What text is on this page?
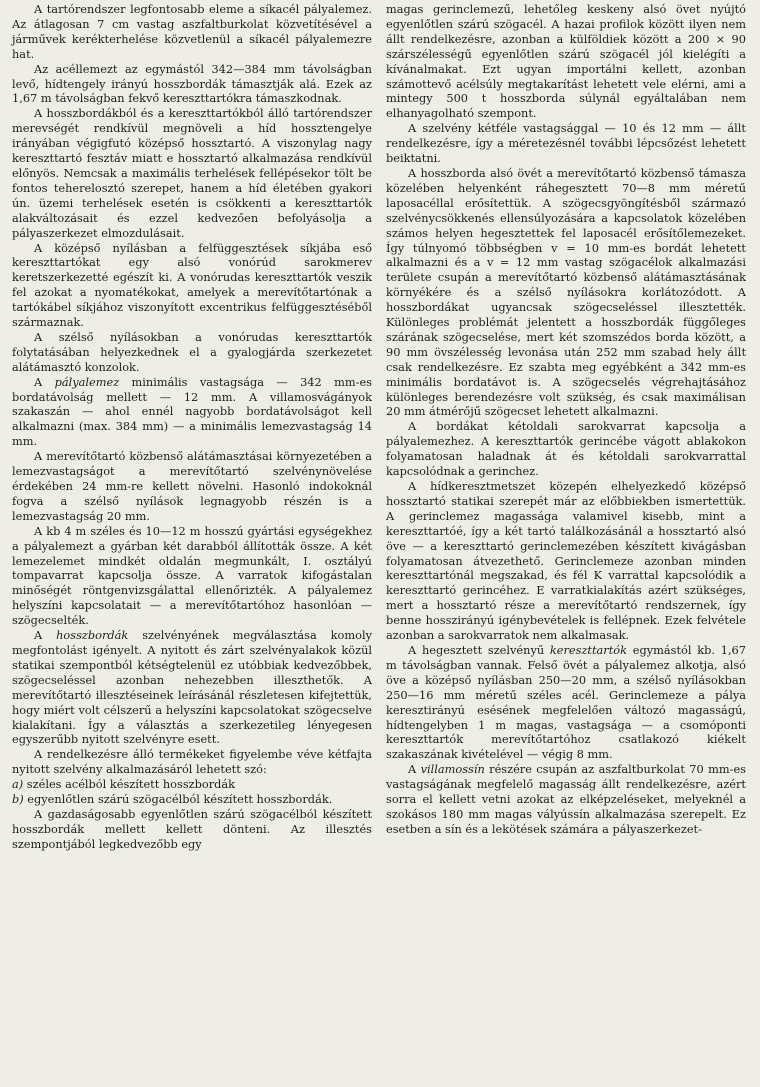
A tartórendszer legfontosabb eleme a síkacél pályalemez. Az átlagosan 7 cm vastag aszfaltburkolat közvetítésével a járművek kerékterhelése közvetlenül a síkacél pályalemezre hat.

Az acéllemezt az egymástól 342—384 mm távolságban levő, hídtengely irányú hosszbordák támasztják alá. Ezek az 1,67 m távolságban fekvő kereszttartókra támaszkodnak.

A hosszbordákból és a kereszttartókból álló tartórendszer merevségét rendkívül megnöveli a híd hossztengelye irányában végigfutó középső hossztartó. A viszonylag nagy kereszttartó fesztáv miatt e hossztartó alkalmazása rendkívül előnyös. Nemcsak a maximális terhelések fellépésekor tölt be fontos teherelosztó szerepet, hanem a híd életében gyakori ún. üzemi terhelések esetén is csökkenti a kereszttartók alakváltozásait és ezzel kedvezően befolyásolja a pályaszerkezet elmozdulásait.

A középső nyílásban a felfüggesztések síkjába eső kereszttartókat egy alsó vonórúd sarokmerev keretszerkezetté egészít ki. A vonórudas kereszttartók veszik fel azokat a nyomatékokat, amelyek a merevítőtartónak a tartókábel síkjához viszonyított excentrikus felfüggesztéséből származnak.

A szélső nyílásokban a vonórudas kereszttartók folytatásában helyezkednek el a gyalogjárda szerkezetet alátámasztó konzolok.

A pályalemez minimális vastagsága — 342 mm-es bordatávolság mellett — 12 mm. A villamosvágányok szakaszán — ahol ennél nagyobb bordatávolságot kell alkalmazni (max. 384 mm) — a minimális lemezvastagság 14 mm.

A merevítőtartó közbenső alátámasztásai környezetében a lemezvastagságot a merevítőtartó szelvénynövelése érdekében 24 mm-re kellett növelni. Hasonló indokoknál fogva a szélső nyílások legnagyobb részén is a lemezvastagság 20 mm.

A kb 4 m széles és 10—12 m hosszú gyártási egységekhez a pályalemezt a gyárban két darabból állították össze. A két lemezelemet mindkét oldalán megmunkált, I. osztályú tompavarrat kapcsolja össze. A varratok kifogástalan minőségét röntgenvizsgálattal ellenőrizték. A pályalemez helyszíni kapcsolatait — a merevítőtartóhoz hasonlóan — szögecselték.

A hosszbordák szelvényének megválasztása komoly megfontolást igényelt. A nyitott és zárt szelvényalakok közül statikai szempontból kétségtelenül ez utóbbiak kedvezőbbek, szögecseléssel azonban nehezebben illeszthetők. A merevítőtartó illesztéseinek leírásánál részletesen kifejtettük, hogy miért volt célszerű a helyszíni kapcsolatokat szögecselve kialakítani. Így a választás a szerkezetileg lényegesen egyszerűbb nyitott szelvényre esett.

A rendelkezésre álló termékeket figyelembe véve kétfajta nyitott szelvény alkalmazásáról lehetett szó:

a) széles acélból készített hosszbordák

b) egyenlőtlen szárú szögacélból készített hosszbordák.

A gazdaságosabb egyenlőtlen szárú szögacélból készített hosszbordák mellett kellett dönteni. Az illesztés szempontjából legkedvezőbb egy

magas gerinclemezű, lehetőleg keskeny alsó övet nyújtó egyenlőtlen szárú szögacél. A hazai profilok között ilyen nem állt rendelkezésre, azonban a külföldiek között a 200 × 90 szárszélességű egyenlőtlen szárú szögacél jól kielégíti a kívánalmakat. Ezt ugyan importálni kellett, azonban számottevő acélsúly megtakarítást lehetett vele elérni, ami a mintegy 500 t hosszborda súlynál egyáltalában nem elhanyagolható szempont.

A szelvény kétféle vastagsággal — 10 és 12 mm — állt rendelkezésre, így a méretezésnél további lépcsőzést lehetett beiktatni.

A hosszborda alsó övét a merevítőtartó közbenső támasza közelében helyenként ráhegesztett 70—8 mm méretű laposacéllal erősítettük. A szögecsgyöngítésből származó szelvénycsökkenés ellensúlyozására a kapcsolatok közelében számos helyen hegesztettek fel laposacél erősítőlemezeket. Így túlnyomó többségben v = 10 mm-es bordát lehetett alkalmazni és a v = 12 mm vastag szögacélok alkalmazási területe csupán a merevítőtartó közbenső alátámasztásának környékére és a szélső nyílásokra korlátozódott. A hosszbordákat ugyancsak szögecseléssel illesztették. Különleges problémát jelentett a hosszbordák függőleges szárának szögecselése, mert két szomszédos borda között, a 90 mm övszélesség levonása után 252 mm szabad hely állt csak rendelkezésre. Ez szabta meg egyébként a 342 mm-es minimális bordatávot is. A szögecselés végrehajtásához különleges berendezésre volt szükség, és csak maximálisan 20 mm átmérőjű szögecset lehetett alkalmazni.

A bordákat kétoldali sarokvarrat kapcsolja a pályalemezhez. A kereszttartók gerincébe vágott ablakokon folyamatosan haladnak át és kétoldali sarokvarrattal kapcsolódnak a gerinchez.

A hídkeresztmetszet közepén elhelyezkedő középső hossztartó statikai szerepét már az előbbiekben ismertettük. A gerinclemez magassága valamivel kisebb, mint a kereszttartóé, így a két tartó találkozásánál a hossztartó alsó öve — a kereszttartó gerinclemezében készített kivágásban folyamatosan átvezethető. Gerinclemeze azonban minden kereszttartónál megszakad, és fél K varrattal kapcsolódik a kereszttartó gerincéhez. E varratkialakítás azért szükséges, mert a hossztartó része a merevítőtartó rendszernek, így benne hosszirányú igénybevételek is fellépnek. Ezek felvétele azonban a sarokvarratok nem alkalmasak.

A hegesztett szelvényű kereszttartók egymástól kb. 1,67 m távolságban vannak. Felső övét a pályalemez alkotja, alsó öve a középső nyílásban 250—20 mm, a szélső nyílásokban 250—16 mm méretű széles acél. Gerinclemeze a pálya keresztirányú esésének megfelelően változó magasságú, hídtengelyben 1 m magas, vastagsága — a csomóponti kereszttartók merevítőtartóhoz csatlakozó kiékelt szakaszának kivételével — végig 8 mm.

A villamossín részére csupán az aszfaltburkolat 70 mm-es vastagságának megfelelő magasság állt rendelkezésre, azért sorra el kellett vetni azokat az elképzeléseket, melyeknél a szokásos 180 mm magas vályússín alkalmazása szerepelt. Ez esetben a sín és a lekötések számára a pályaszerkezet-
